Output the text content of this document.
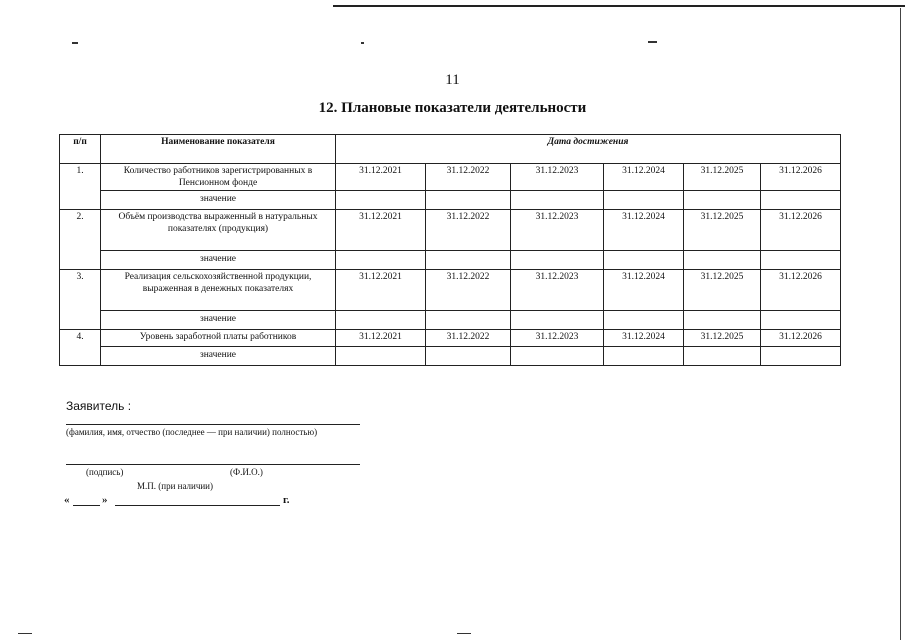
11
12. Плановые показатели деятельности
п/п	Наименование показателя	Дата достижения					
1.	Количество работников зарегистрированных в Пенсионном фонде	31.12.2021	31.12.2022	31.12.2023	31.12.2024	31.12.2025	31.12.2026
	значение						
2.	Объём производства выраженный в натуральных показателях (продукция)	31.12.2021	31.12.2022	31.12.2023	31.12.2024	31.12.2025	31.12.2026
	значение						
3.	Реализация сельскохозяйственной продукции, выраженная в денежных показателях	31.12.2021	31.12.2022	31.12.2023	31.12.2024	31.12.2025	31.12.2026
	значение						
4.	Уровень заработной платы работников	31.12.2021	31.12.2022	31.12.2023	31.12.2024	31.12.2025	31.12.2026
	значение						
Заявитель :
(фамилия, имя, отчество (последнее — при наличии) полностью)
(подпись)	(Ф.И.О.)
М.П. (при наличии)
«	»	г.
